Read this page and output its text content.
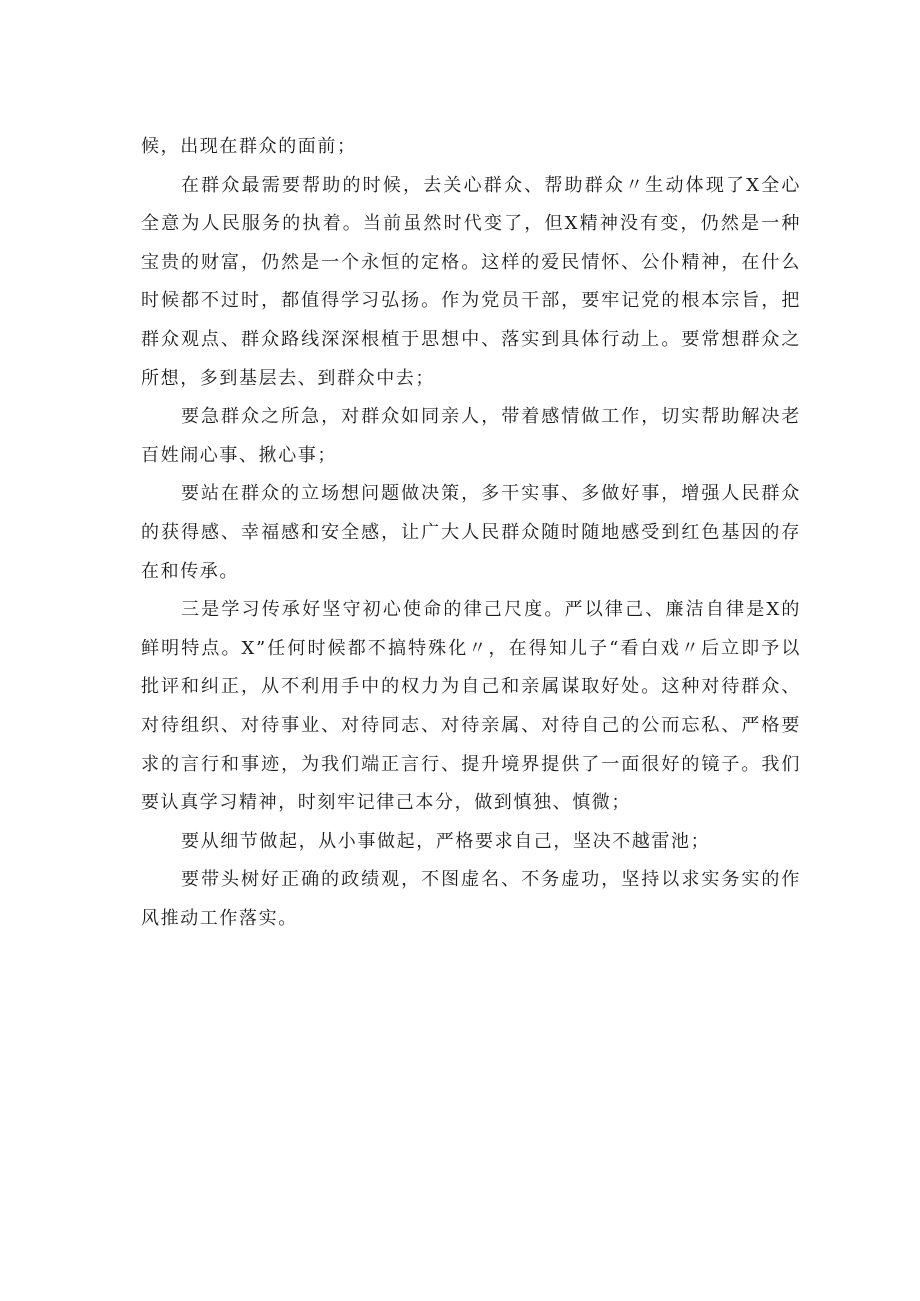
候，出现在群众的面前；

在群众最需要帮助的时候，去关心群众、帮助群众〃生动体现了X全心全意为人民服务的执着。当前虽然时代变了，但X精神没有变，仍然是一种宝贵的财富，仍然是一个永恒的定格。这样的爱民情怀、公仆精神，在什么时候都不过时，都值得学习弘扬。作为党员干部，要牢记党的根本宗旨，把群众观点、群众路线深深根植于思想中、落实到具体行动上。要常想群众之所想，多到基层去、到群众中去；

要急群众之所急，对群众如同亲人，带着感情做工作，切实帮助解决老百姓闹心事、揪心事；

要站在群众的立场想问题做决策，多干实事、多做好事，增强人民群众的获得感、幸福感和安全感，让广大人民群众随时随地感受到红色基因的存在和传承。

三是学习传承好坚守初心使命的律己尺度。严以律己、廉洁自律是X的鲜明特点。X”任何时候都不搞特殊化〃，在得知儿子“看白戏〃后立即予以批评和纠正，从不利用手中的权力为自己和亲属谋取好处。这种对待群众、对待组织、对待事业、对待同志、对待亲属、对待自己的公而忘私、严格要求的言行和事迹，为我们端正言行、提升境界提供了一面很好的镜子。我们要认真学习精神，时刻牢记律己本分，做到慎独、慎微；

要从细节做起，从小事做起，严格要求自己，坚决不越雷池；

要带头树好正确的政绩观，不图虚名、不务虚功，坚持以求实务实的作风推动工作落实。
